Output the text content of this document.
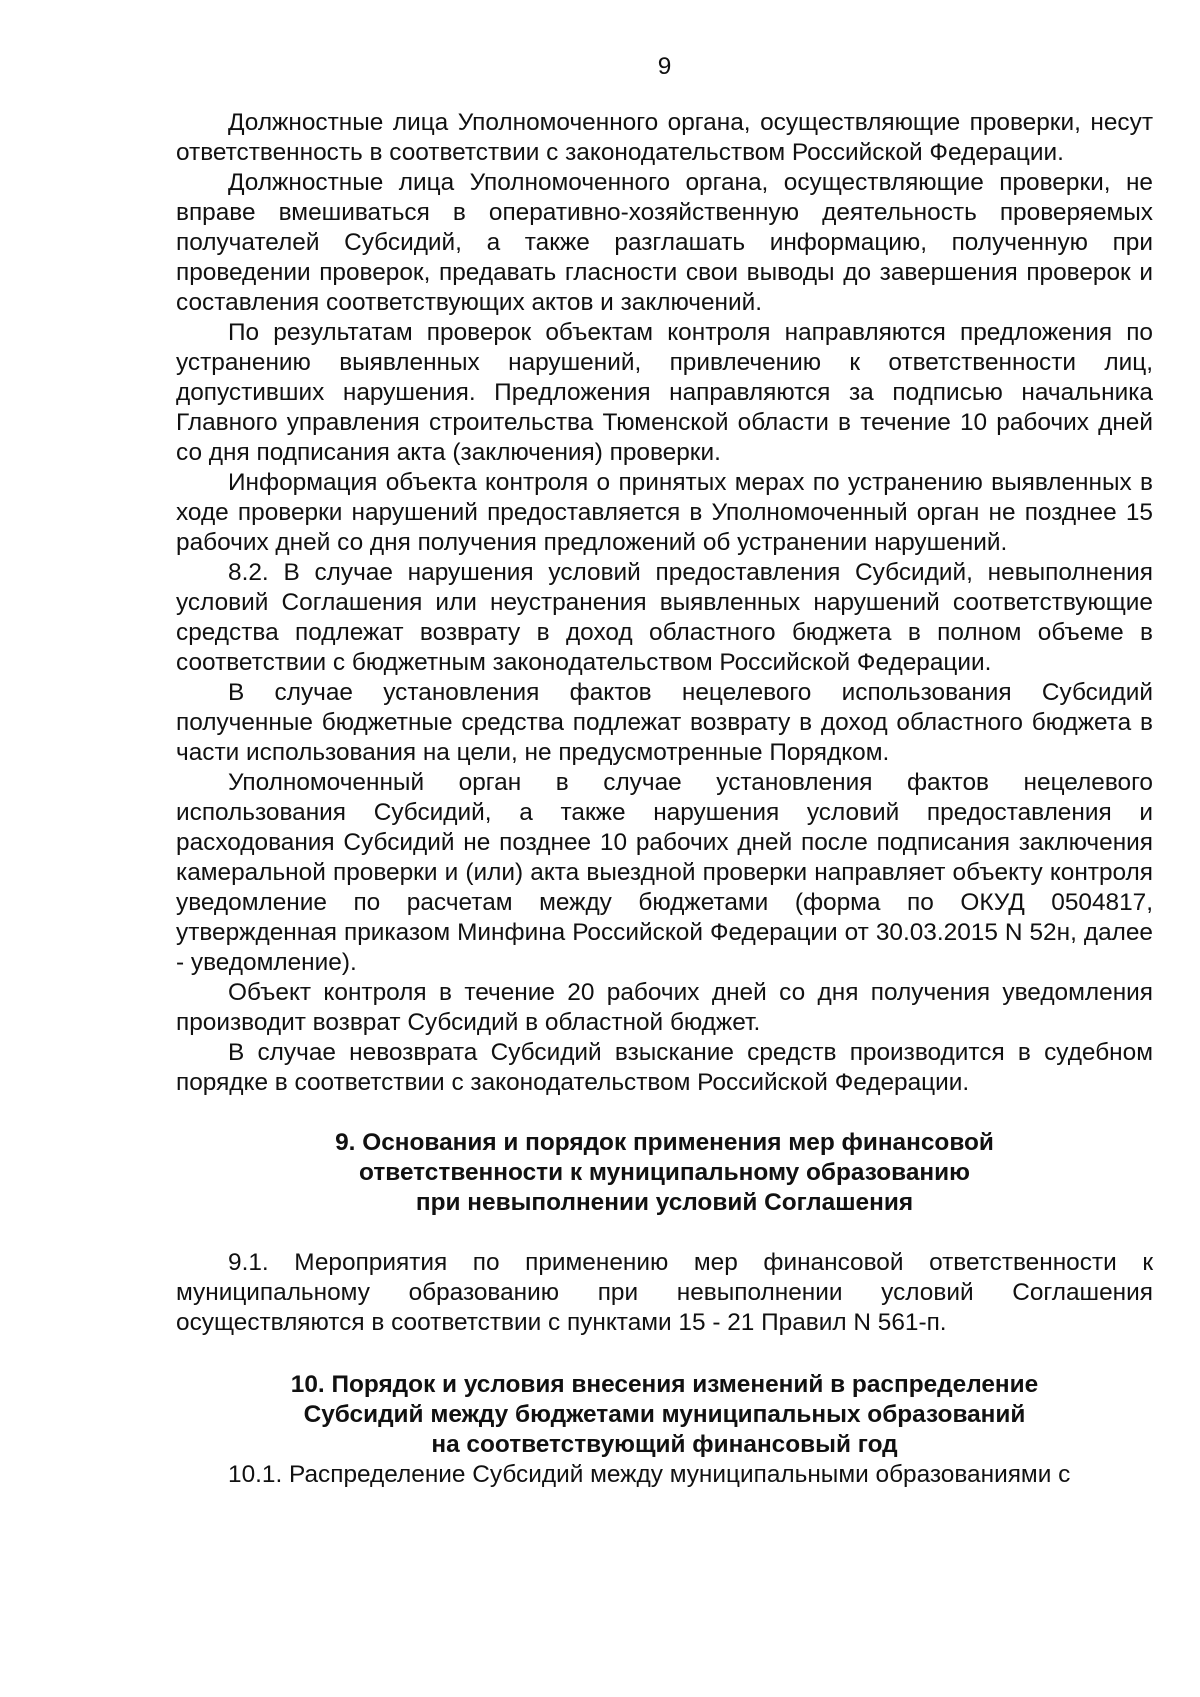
9

Должностные лица Уполномоченного органа, осуществляющие проверки, несут ответственность в соответствии с законодательством Российской Федерации.

Должностные лица Уполномоченного органа, осуществляющие проверки, не вправе вмешиваться в оперативно-хозяйственную деятельность проверяемых получателей Субсидий, а также разглашать информацию, полученную при проведении проверок, предавать гласности свои выводы до завершения проверок и составления соответствующих актов и заключений.

По результатам проверок объектам контроля направляются предложения по устранению выявленных нарушений, привлечению к ответственности лиц, допустивших нарушения. Предложения направляются за подписью начальника Главного управления строительства Тюменской области в течение 10 рабочих дней со дня подписания акта (заключения) проверки.

Информация объекта контроля о принятых мерах по устранению выявленных в ходе проверки нарушений предоставляется в Уполномоченный орган не позднее 15 рабочих дней со дня получения предложений об устранении нарушений.

8.2. В случае нарушения условий предоставления Субсидий, невыполнения условий Соглашения или неустранения выявленных нарушений соответствующие средства подлежат возврату в доход областного бюджета в полном объеме в соответствии с бюджетным законодательством Российской Федерации.

В случае установления фактов нецелевого использования Субсидий полученные бюджетные средства подлежат возврату в доход областного бюджета в части использования на цели, не предусмотренные Порядком.

Уполномоченный орган в случае установления фактов нецелевого использования Субсидий, а также нарушения условий предоставления и расходования Субсидий не позднее 10 рабочих дней после подписания заключения камеральной проверки и (или) акта выездной проверки направляет объекту контроля уведомление по расчетам между бюджетами (форма по ОКУД 0504817, утвержденная приказом Минфина Российской Федерации от 30.03.2015 N 52н, далее - уведомление).

Объект контроля в течение 20 рабочих дней со дня получения уведомления производит возврат Субсидий в областной бюджет.

В случае невозврата Субсидий взыскание средств производится в судебном порядке в соответствии с законодательством Российской Федерации.

9. Основания и порядок применения мер финансовой
ответственности к муниципальному образованию
при невыполнении условий Соглашения

9.1. Мероприятия по применению мер финансовой ответственности к муниципальному образованию при невыполнении условий Соглашения осуществляются в соответствии с пунктами 15 - 21 Правил N 561-п.

10. Порядок и условия внесения изменений в распределение
Субсидий между бюджетами муниципальных образований
на соответствующий финансовый год

10.1. Распределение Субсидий между муниципальными образованиями с
